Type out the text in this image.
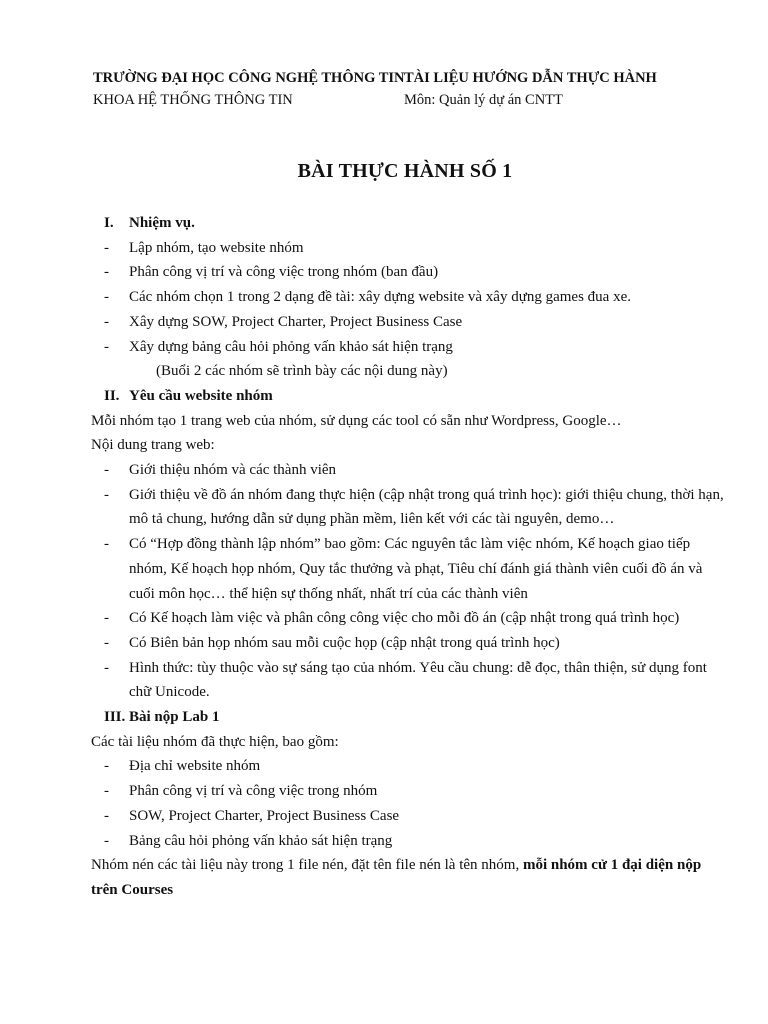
TRƯỜNG ĐẠI HỌC CÔNG NGHỆ THÔNG TIN
KHOA HỆ THỐNG THÔNG TIN
TÀI LIỆU HƯỚNG DẪN THỰC HÀNH
Môn: Quản lý dự án CNTT
BÀI THỰC HÀNH SỐ 1
I. Nhiệm vụ.
- Lập nhóm, tạo website nhóm
- Phân công vị trí và công việc trong nhóm (ban đầu)
- Các nhóm chọn 1 trong 2 dạng đề tài: xây dựng website và xây dựng games đua xe.
- Xây dựng SOW, Project Charter, Project Business Case
- Xây dựng bảng câu hỏi phỏng vấn khảo sát hiện trạng
(Buổi 2 các nhóm sẽ trình bày các nội dung này)
II. Yêu cầu website nhóm
Mỗi nhóm tạo 1 trang web của nhóm, sử dụng các tool có sẵn như Wordpress, Google…
Nội dung trang web:
- Giới thiệu nhóm và các thành viên
- Giới thiệu về đồ án nhóm đang thực hiện (cập nhật trong quá trình học): giới thiệu chung, thời hạn, mô tả chung, hướng dẫn sử dụng phần mềm, liên kết với các tài nguyên, demo…
- Có “Hợp đồng thành lập nhóm” bao gồm: Các nguyên tắc làm việc nhóm, Kế hoạch giao tiếp nhóm, Kế hoạch họp nhóm, Quy tắc thưởng và phạt, Tiêu chí đánh giá thành viên cuối đồ án và cuối môn học… thể hiện sự thống nhất, nhất trí của các thành viên
- Có Kế hoạch làm việc và phân công công việc cho mỗi đồ án (cập nhật trong quá trình học)
- Có Biên bản họp nhóm sau mỗi cuộc họp (cập nhật trong quá trình học)
- Hình thức: tùy thuộc vào sự sáng tạo của nhóm. Yêu cầu chung: dễ đọc, thân thiện, sử dụng font chữ Unicode.
III. Bài nộp Lab 1
Các tài liệu nhóm đã thực hiện, bao gồm:
- Địa chỉ website nhóm
- Phân công vị trí và công việc trong nhóm
- SOW, Project Charter, Project Business Case
- Bảng câu hỏi phỏng vấn khảo sát hiện trạng
Nhóm nén các tài liệu này trong 1 file nén, đặt tên file nén là tên nhóm, mỗi nhóm cử 1 đại diện nộp trên Courses
